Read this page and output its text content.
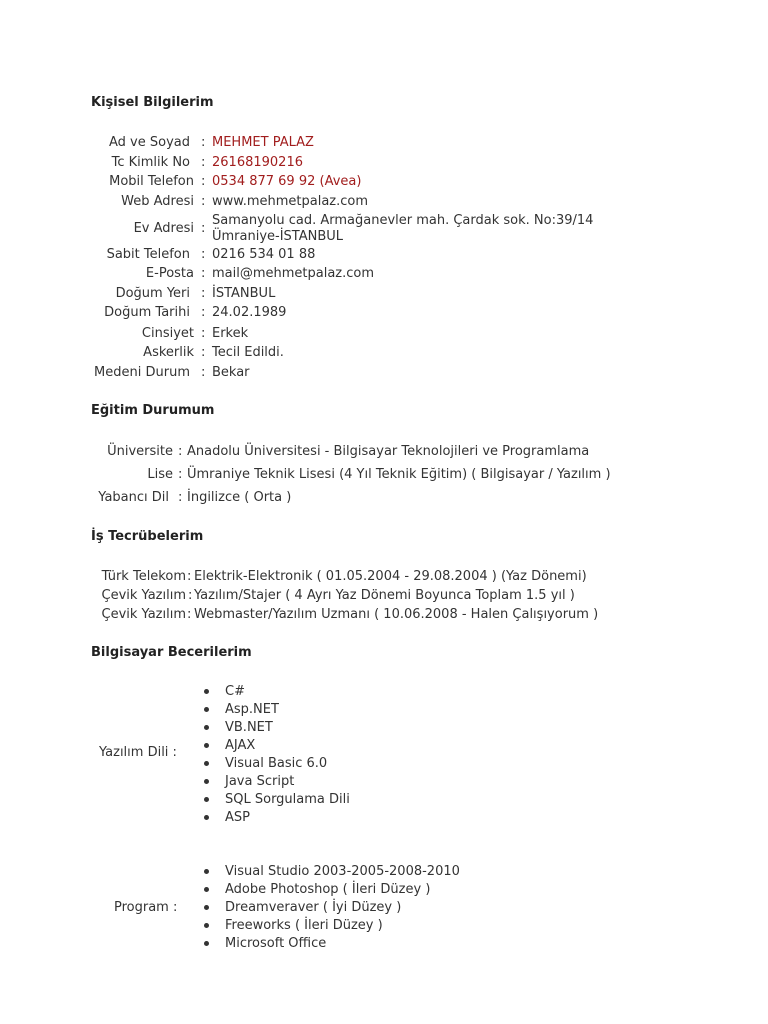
Kişisel Bilgilerim
Ad ve Soyad : MEHMET PALAZ
Tc Kimlik No : 26168190216
Mobil Telefon : 0534 877 69 92 (Avea)
Web Adresi : www.mehmetpalaz.com
Ev Adresi :
Samanyolu cad. Armağanevler mah. Çardak sok. No:39/14
Ümraniye-İSTANBUL
Sabit Telefon : 0216 534 01 88
E-Posta : mail@mehmetpalaz.com
Doğum Yeri : İSTANBUL
Doğum Tarihi : 24.02.1989
Cinsiyet : Erkek
Askerlik : Tecil Edildi.
Medeni Durum : Bekar
Eğitim Durumum
Üniversite : Anadolu Üniversitesi - Bilgisayar Teknolojileri ve Programlama
Lise : Ümraniye Teknik Lisesi (4 Yıl Teknik Eğitim) ( Bilgisayar / Yazılım )
Yabancı Dil : İngilizce ( Orta )
İş Tecrübelerim
Türk Telekom : Elektrik-Elektronik ( 01.05.2004 - 29.08.2004 ) (Yaz Dönemi)
Çevik Yazılım : Yazılım/Stajer ( 4 Ayrı Yaz Dönemi Boyunca Toplam 1.5 yıl )
Çevik Yazılım : Webmaster/Yazılım Uzmanı ( 10.06.2008 - Halen Çalışıyorum )
Bilgisayar Becerilerim
Yazılım Dili :
C#
Asp.NET
VB.NET
AJAX
Visual Basic 6.0
Java Script
SQL Sorgulama Dili
ASP
Program :
Visual Studio 2003-2005-2008-2010
Adobe Photoshop ( İleri Düzey )
Dreamveraver ( İyi Düzey )
Freeworks ( İleri Düzey )
Microsoft Office
